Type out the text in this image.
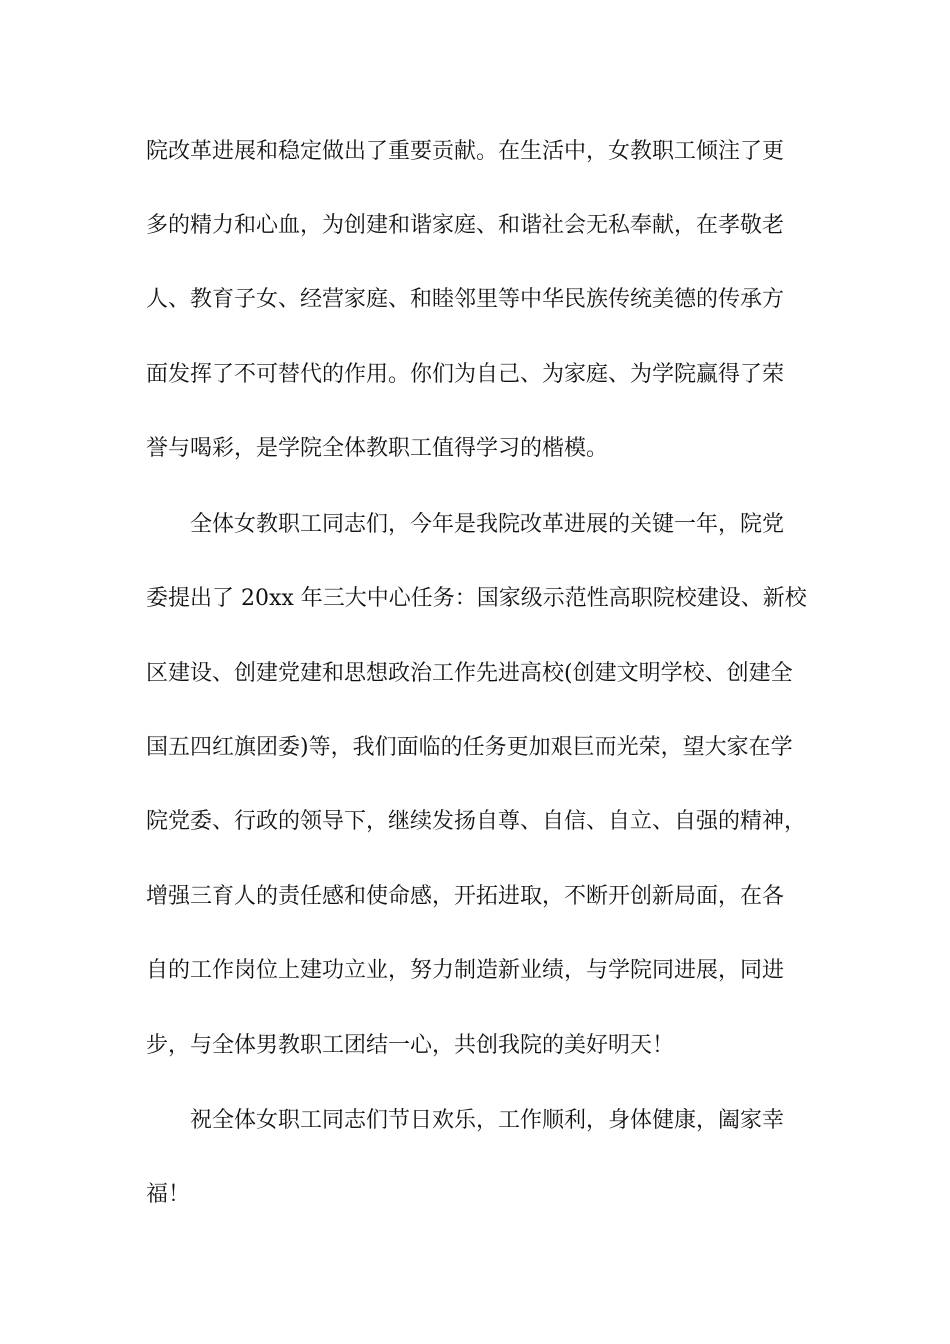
院改革进展和稳定做出了重要贡献。在生活中，女教职工倾注了更
多的精力和心血，为创建和谐家庭、和谐社会无私奉献，在孝敬老
人、教育子女、经营家庭、和睦邻里等中华民族传统美德的传承方
面发挥了不可替代的作用。你们为自己、为家庭、为学院赢得了荣
誉与喝彩，是学院全体教职工值得学习的楷模。
全体女教职工同志们，今年是我院改革进展的关键一年，院党
委提出了 20xx 年三大中心任务：国家级示范性高职院校建设、新校
区建设、创建党建和思想政治工作先进高校(创建文明学校、创建全
国五四红旗团委)等，我们面临的任务更加艰巨而光荣，望大家在学
院党委、行政的领导下，继续发扬自尊、自信、自立、自强的精神，
增强三育人的责任感和使命感，开拓进取，不断开创新局面，在各
自的工作岗位上建功立业，努力制造新业绩，与学院同进展，同进
步，与全体男教职工团结一心，共创我院的美好明天！
祝全体女职工同志们节日欢乐，工作顺利，身体健康，阖家幸
福！
